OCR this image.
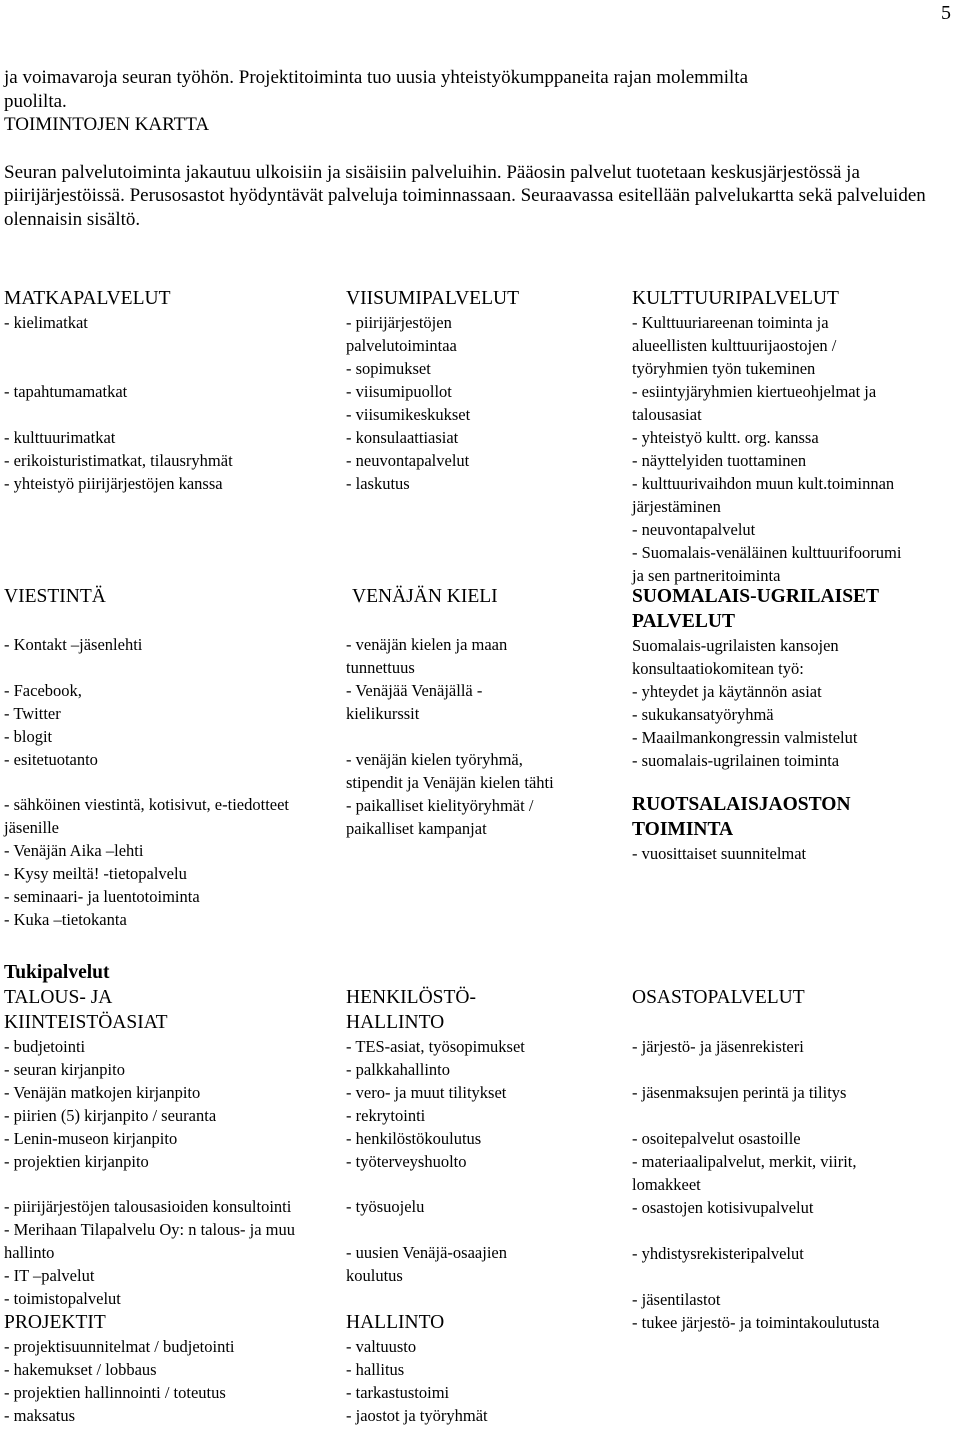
5

ja voimavaroja seuran työhön. Projektitoiminta tuo uusia yhteistyökumppaneita rajan molemmilta

puolilta.

TOIMINTOJEN KARTTA

Seuran palvelutoiminta jakautuu ulkoisiin ja sisäisiin palveluihin. Pääosin palvelut tuotetaan keskusjärjestössä ja piirijärjestöissä. Perusosastot hyödyntävät palveluja toiminnassaan. Seuraavassa esitellään palvelukartta sekä palveluiden olennaisin sisältö.

MATKAPALVELUT
- kielimatkat
- tapahtumamatkat
- kulttuurimatkat
- erikoisturistimatkat, tilausryhmät
- yhteistyö piirijärjestöjen kanssa
VIISUMIPALVELUT
- piirijärjestöjen
palvelutoimintaa
- sopimukset
- viisumipuollot
- viisumikeskukset
- konsulaattiasiat
- neuvontapalvelut
- laskutus
KULTTUURIPALVELUT
- Kulttuuriareenan toiminta ja
alueellisten kulttuurijaostojen /
työryhmien työn tukeminen
- esiintyjäryhmien kiertueohjelmat ja
talousasiat
- yhteistyö kultt. org. kanssa
- näyttelyiden tuottaminen
- kulttuurivaihdon muun kult.toiminnan
järjestäminen
- neuvontapalvelut
- Suomalais-venäläinen kulttuurifoorumi
ja sen partneritoiminta
VIESTINTÄ
- Kontakt –jäsenlehti
- Facebook,
- Twitter
- blogit
- esitetuotanto
- sähköinen viestintä, kotisivut, e-tiedotteet jäsenille
- Venäjän Aika –lehti
- Kysy meiltä! -tietopalvelu
- seminaari- ja luentotoiminta
- Kuka –tietokanta
VENÄJÄN KIELI
- venäjän kielen ja maan
tunnettuus
- Venäjää Venäjällä -
kielikurssit
- venäjän kielen työryhmä,
stipendit ja Venäjän kielen tähti
- paikalliset kielityöryhmät /
paikalliset kampanjat
SUOMALAIS-UGRILAISET PALVELUT
Suomalais-ugrilaisten kansojen
konsultaatiokomitean työ:
- yhteydet ja käytännön asiat
- sukukansatyöryhmä
- Maailmankongressin valmistelut
- suomalais-ugrilainen toiminta
RUOTSALAISJAOSTON TOIMINTA
- vuosittaiset suunnitelmat
Tukipalvelut
TALOUS- JA KIINTEISTÖASIAT
- budjetointi
- seuran kirjanpito
- Venäjän matkojen kirjanpito
- piirien (5) kirjanpito / seuranta
- Lenin-museon kirjanpito
- projektien kirjanpito
- piirijärjestöjen talousasioiden konsultointi
- Merihaan Tilapalvelu Oy: n talous- ja muu hallinto
- IT –palvelut
- toimistopalvelut
PROJEKTIT
- projektisuunnitelmat / budjetointi
- hakemukset / lobbaus
- projektien hallinnointi / toteutus
- maksatus
HENKILÖSTÖ-HALLINTO
- TES-asiat, työsopimukset
- palkkahallinto
- vero- ja muut tilitykset
- rekrytointi
- henkilöstökoulutus
- työterveyshuolto
- työsuojelu
- uusien Venäjä-osaajien koulutus
HALLINTO
- valtuusto
- hallitus
- tarkastustoimi
- jaostot ja työryhmät
OSASTOPALVELUT
- järjestö- ja jäsenrekisteri
- jäsenmaksujen perintä ja tilitys
- osoitepalvelut osastoille
- materiaalipalvelut, merkit, viirit, lomakkeet
- osastojen kotisivupalvelut
- yhdistysrekisteripalvelut
- jäsentilastot
- tukee järjestö- ja toimintakoulutusta
